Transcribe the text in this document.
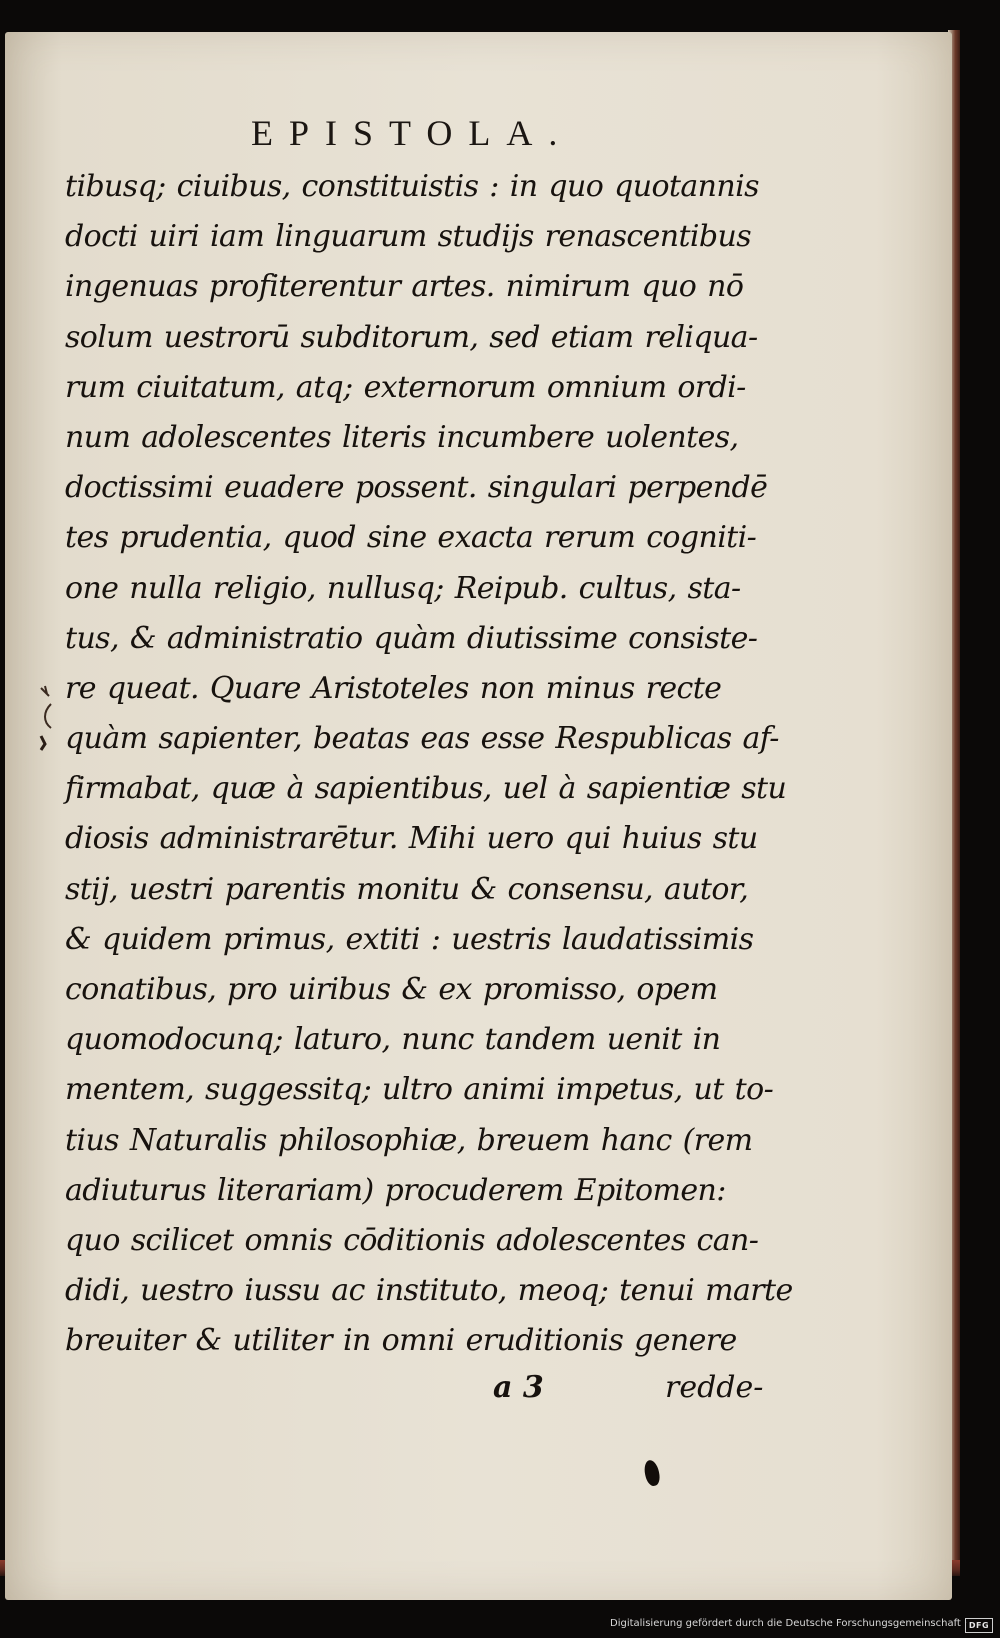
EPISTOLA.
tibusq; ciuibus, constituistis : in quo quotannis
docti uiri iam linguarum studijs renascentibus
ingenuas profiterentur artes. nimirum quo nō
solum uestrorū subditorum, sed etiam reliqua-
rum ciuitatum, atq; externorum omnium ordi-
num adolescentes literis incumbere uolentes,
doctissimi euadere possent. singulari perpendē
tes prudentia, quod sine exacta rerum cogniti-
one nulla religio, nullusq; Reipub. cultus, sta-
tus, & administratio quàm diutissime consiste-
re queat. Quare Aristoteles non minus recte
quàm sapienter, beatas eas esse Respublicas af-
firmabat, quæ à sapientibus, uel à sapientiæ stu
diosis administrarētur. Mihi uero qui huius stu
stij, uestri parentis monitu & consensu, autor,
& quidem primus, extiti : uestris laudatissimis
conatibus, pro uiribus & ex promisso, opem
quomodocunq; laturo, nunc tandem uenit in
mentem, suggessitq; ultro animi impetus, ut to-
tius Naturalis philosophiæ, breuem hanc (rem
adiuturus literariam) procuderem Epitomen:
quo scilicet omnis cōditionis adolescentes can-
didi, uestro iussu ac instituto, meoq; tenui marte
breuiter & utiliter in omni eruditionis genere
a 3	redde-
Digitalisierung gefördert durch die Deutsche Forschungsgemeinschaft · DFG
